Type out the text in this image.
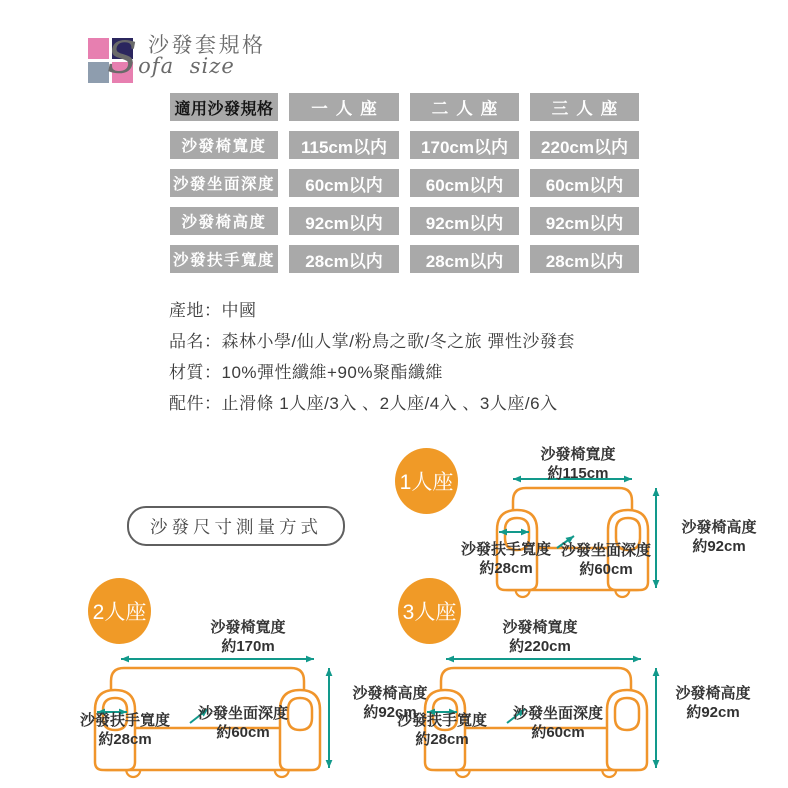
沙發套規格
Sofa size
適用沙發規格	一人座	二人座	三人座
沙發椅寬度	115cm以内	170cm以内	220cm以内
沙發坐面深度	60cm以内	60cm以内	60cm以内
沙發椅高度	92cm以内	92cm以内	92cm以内
沙發扶手寬度	28cm以内	28cm以内	28cm以内
產地：中國
品名：森林小學/仙人掌/粉鳥之歌/冬之旅 彈性沙發套
材質：10%彈性纖維+90%聚酯纖維
配件：止滑條 1人座/3入 、2人座/4入 、3人座/6入
沙發尺寸測量方式
1人座
沙發椅寬度
約115cm
沙發椅高度
約92cm
沙發扶手寬度
約28cm
沙發坐面深度
約60cm
2人座
沙發椅寬度
約170m
沙發椅高度
約92cm
沙發扶手寬度
約28cm
沙發坐面深度
約60cm
3人座
沙發椅寬度
約220cm
沙發椅高度
約92cm
沙發扶手寬度
約28cm
沙發坐面深度
約60cm
